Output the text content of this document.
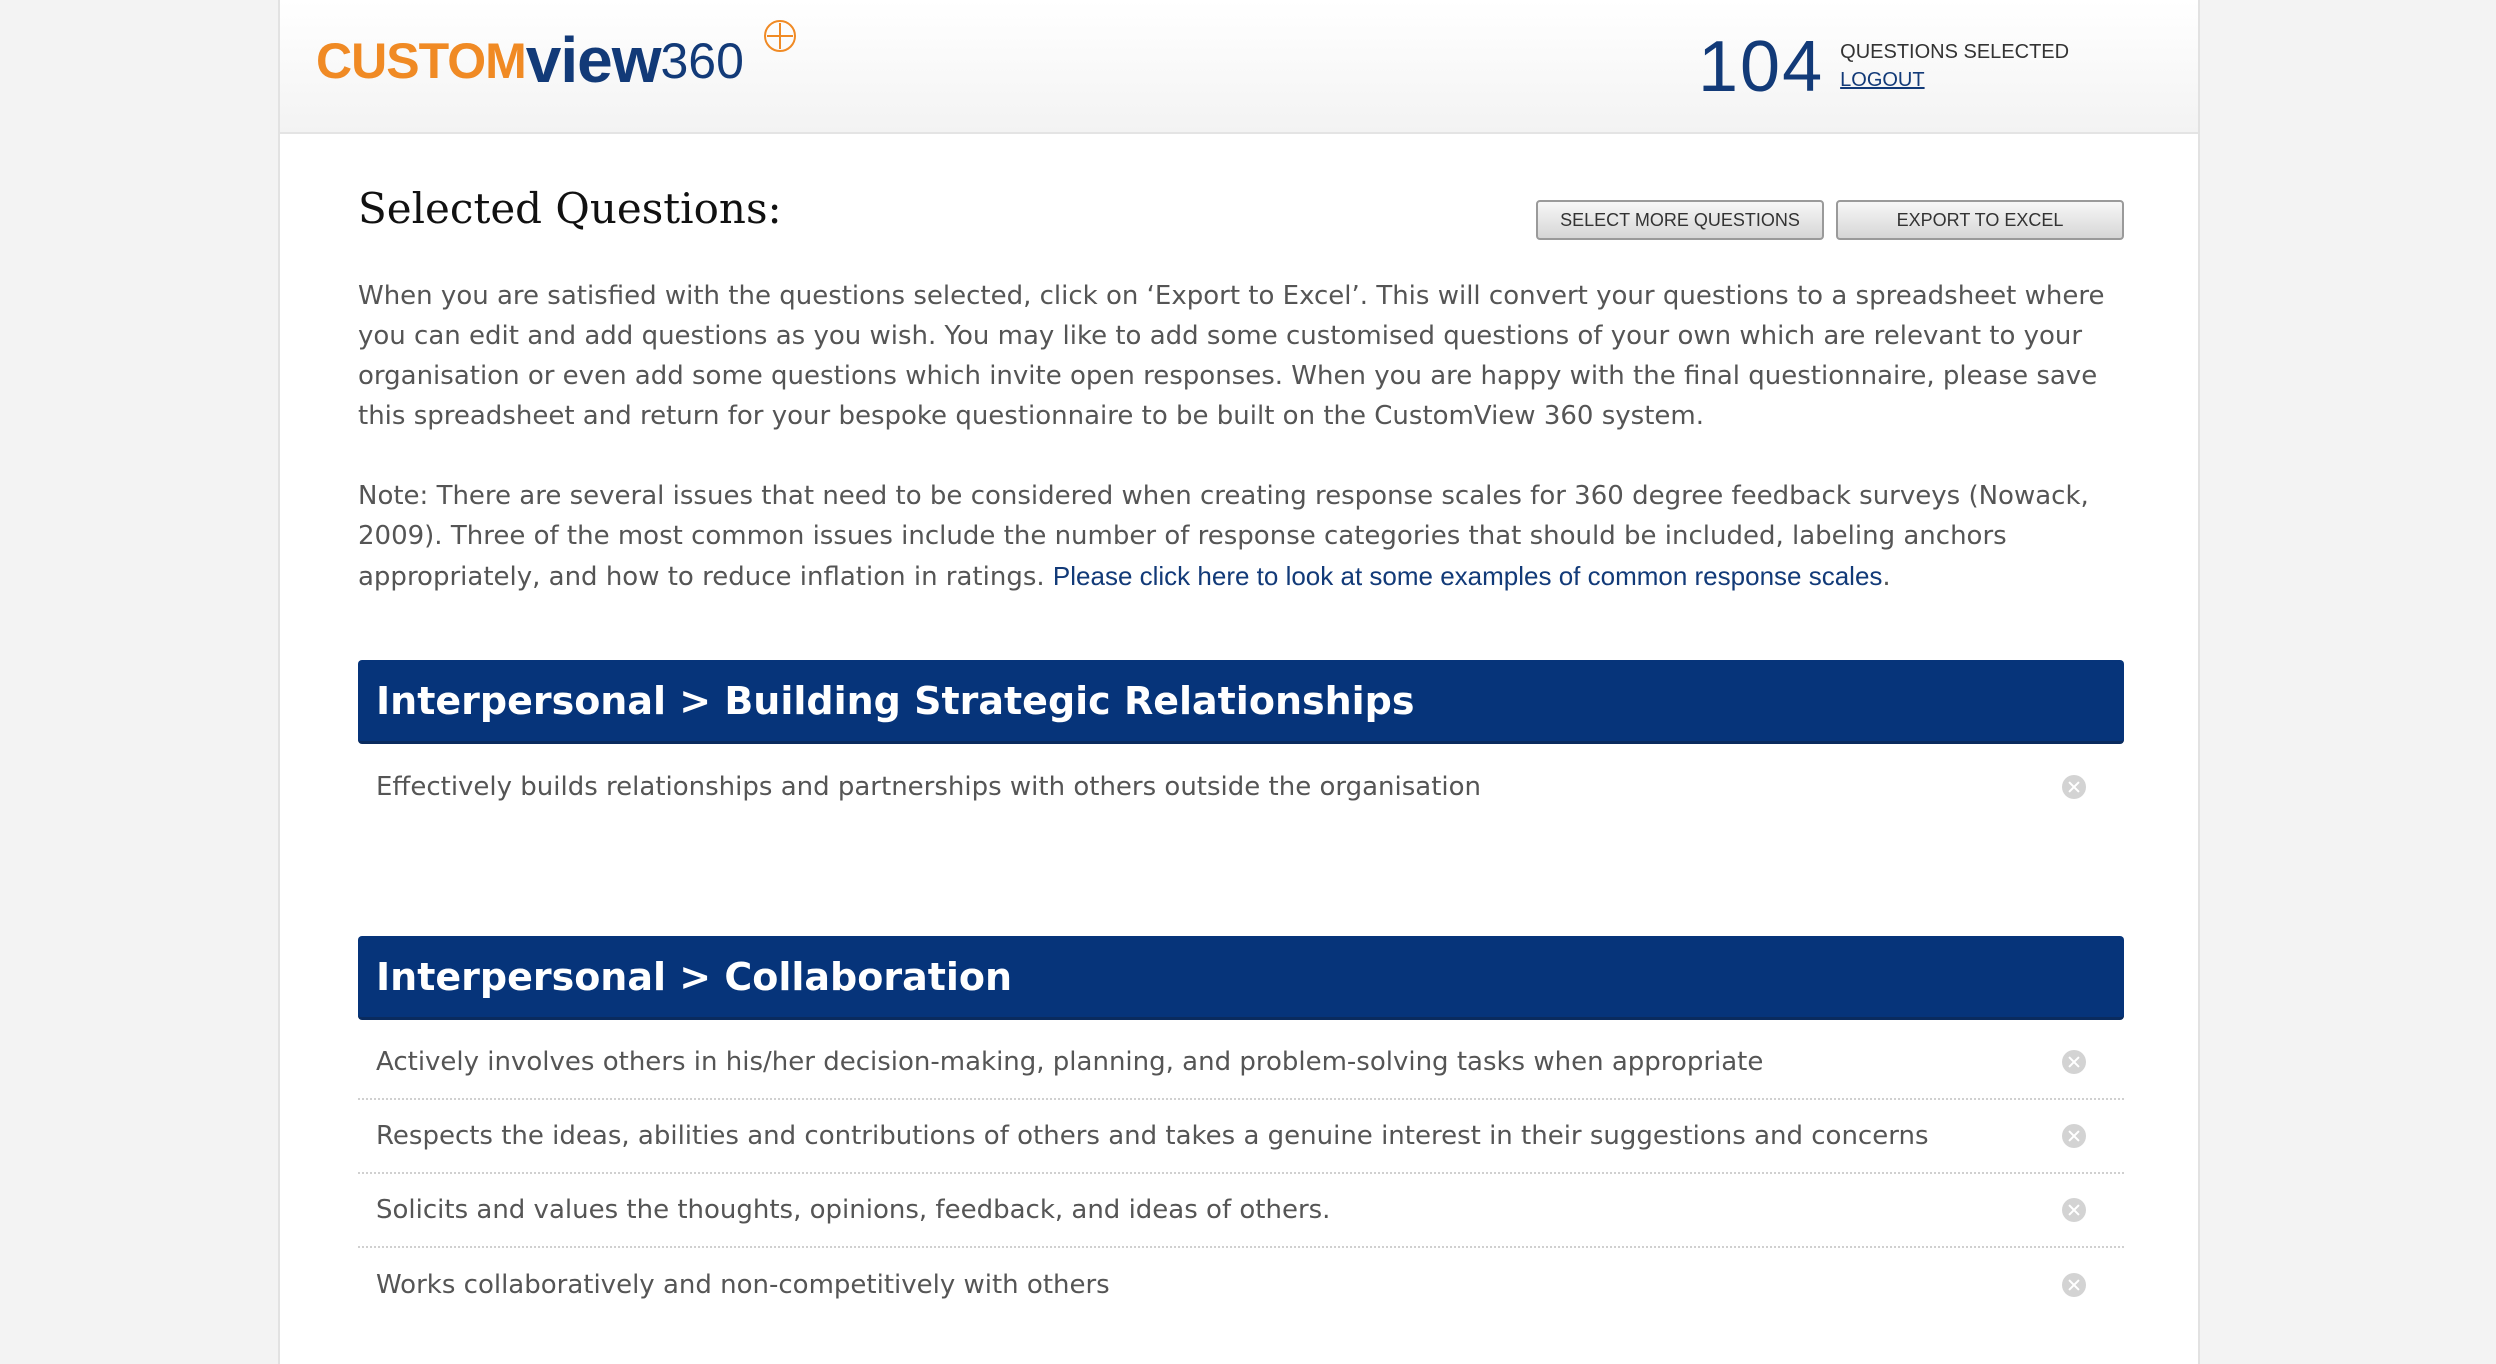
CUSTOM view 360	104 QUESTIONS SELECTED
LOGOUT
Selected Questions:	SELECT MORE QUESTIONS	EXPORT TO EXCEL

When you are satisfied with the questions selected, click on ‘Export to Excel’. This will convert your questions to a spreadsheet where you can edit and add questions as you wish. You may like to add some customised questions of your own which are relevant to your organisation or even add some questions which invite open responses. When you are happy with the final questionnaire, please save this spreadsheet and return for your bespoke questionnaire to be built on the CustomView 360 system.

Note: There are several issues that need to be considered when creating response scales for 360 degree feedback surveys (Nowack, 2009). Three of the most common issues include the number of response categories that should be included, labeling anchors appropriately, and how to reduce inflation in ratings. Please click here to look at some examples of common response scales.

Interpersonal > Building Strategic Relationships
Effectively builds relationships and partnerships with others outside the organisation
Interpersonal > Collaboration
Actively involves others in his/her decision-making, planning, and problem-solving tasks when appropriate
Respects the ideas, abilities and contributions of others and takes a genuine interest in their suggestions and concerns
Solicits and values the thoughts, opinions, feedback, and ideas of others.
Works collaboratively and non-competitively with others
